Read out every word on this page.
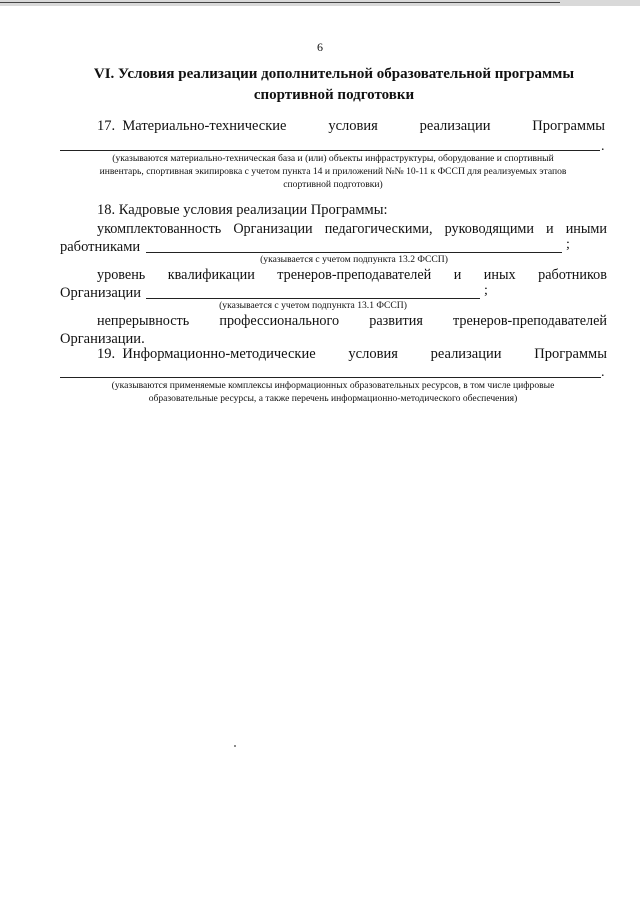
6
VI. Условия реализации дополнительной образовательной программы
спортивной подготовки
17. Материально-технические	условия	реализации	Программы
.
(указываются материально-техническая база и (или) объекты инфраструктуры, оборудование и спортивный
инвентарь, спортивная экипировка с учетом пункта 14 и приложений №№ 10-11 к ФССП для реализуемых этапов
спортивной подготовки)
18. Кадровые условия реализации Программы:
укомплектованность Организации педагогическими, руководящими и иными
работниками	;
(указывается с учетом подпункта 13.2 ФССП)
уровень квалификации тренеров-преподавателей и иных работников
Организации	;
(указывается с учетом подпункта 13.1 ФССП)
непрерывность профессионального развития тренеров-преподавателей
Организации.
19. Информационно-методические условия реализации Программы
.
(указываются применяемые комплексы информационных образовательных ресурсов, в том числе цифровые
образовательные ресурсы, а также перечень информационно-методического обеспечения)
